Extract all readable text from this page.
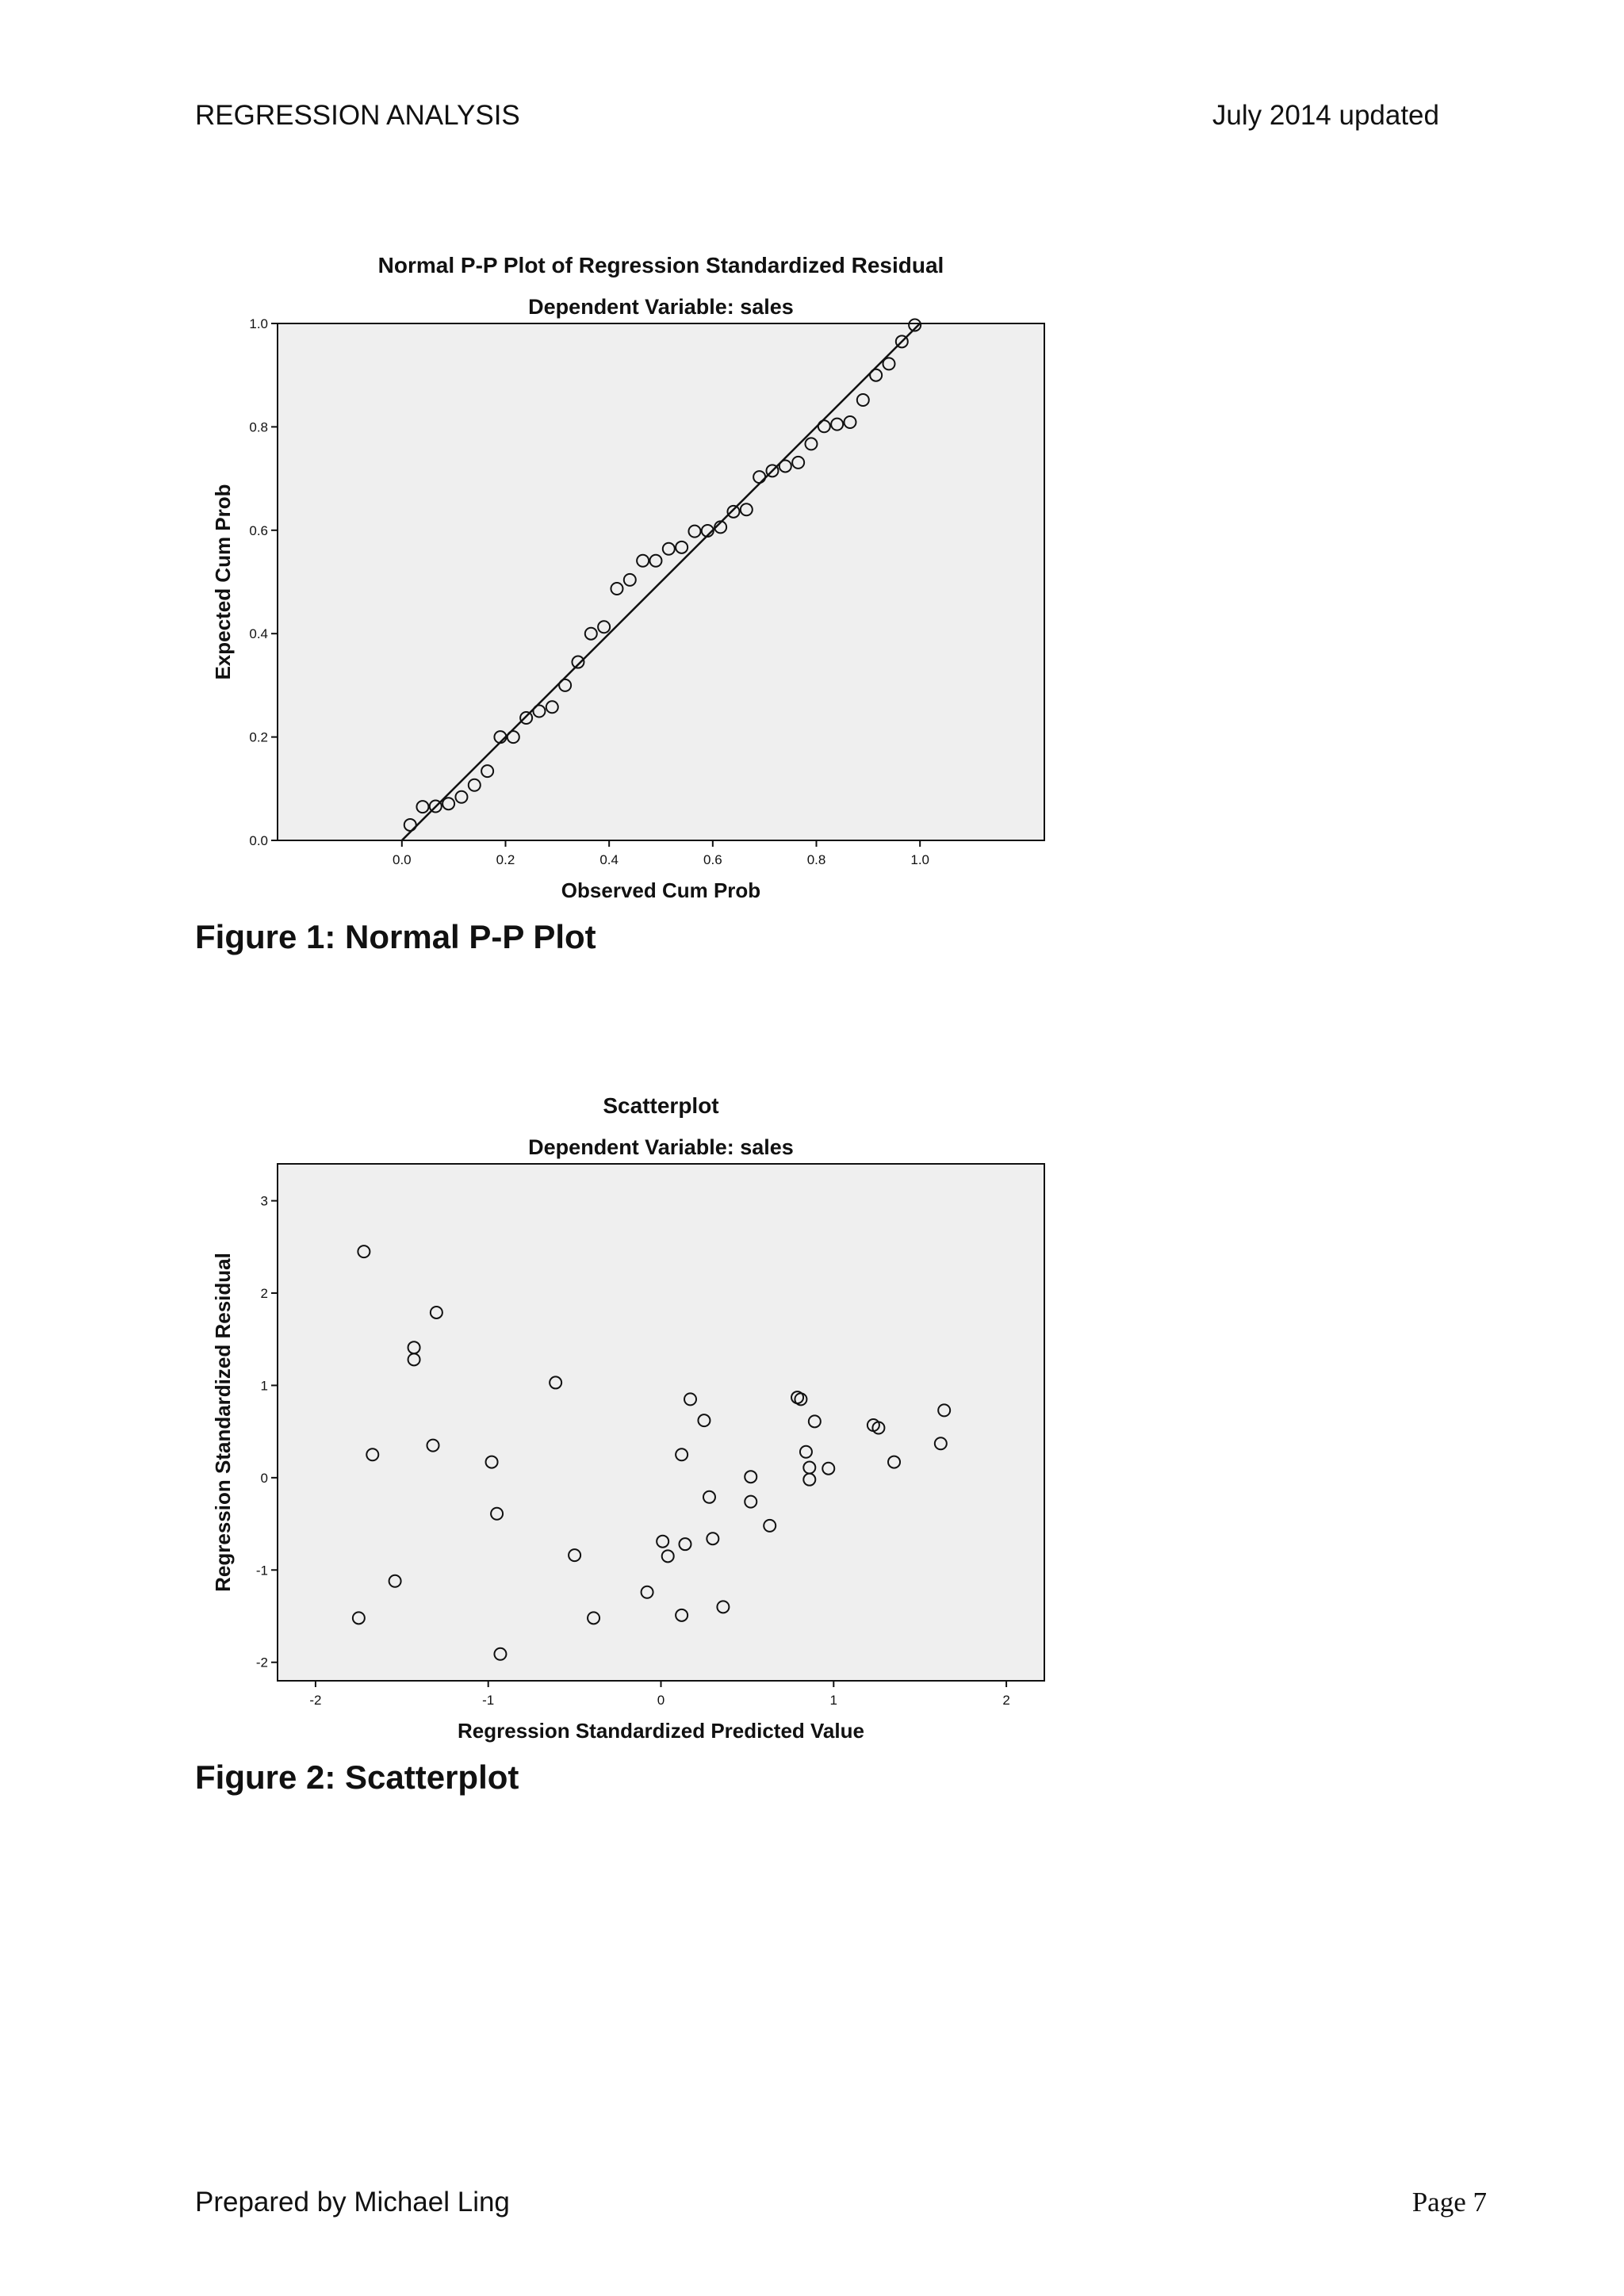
REGRESSION ANALYSIS	July 2014 updated
Normal P-P Plot of Regression Standardized Residual
Dependent Variable: sales
0.0
0.2
0.4
0.6
0.8
1.0
0.0	0.2	0.4	0.6	0.8	1.0
Observed Cum Prob
Expected Cum Prob
Figure 1: Normal P-P Plot
Scatterplot
Dependent Variable: sales
-2
-1
0
1
2
3
-2	-1	0	1	2
Regression Standardized Predicted Value
Regression Standardized Residual
Figure 2: Scatterplot
Prepared by Michael Ling	Page 7
